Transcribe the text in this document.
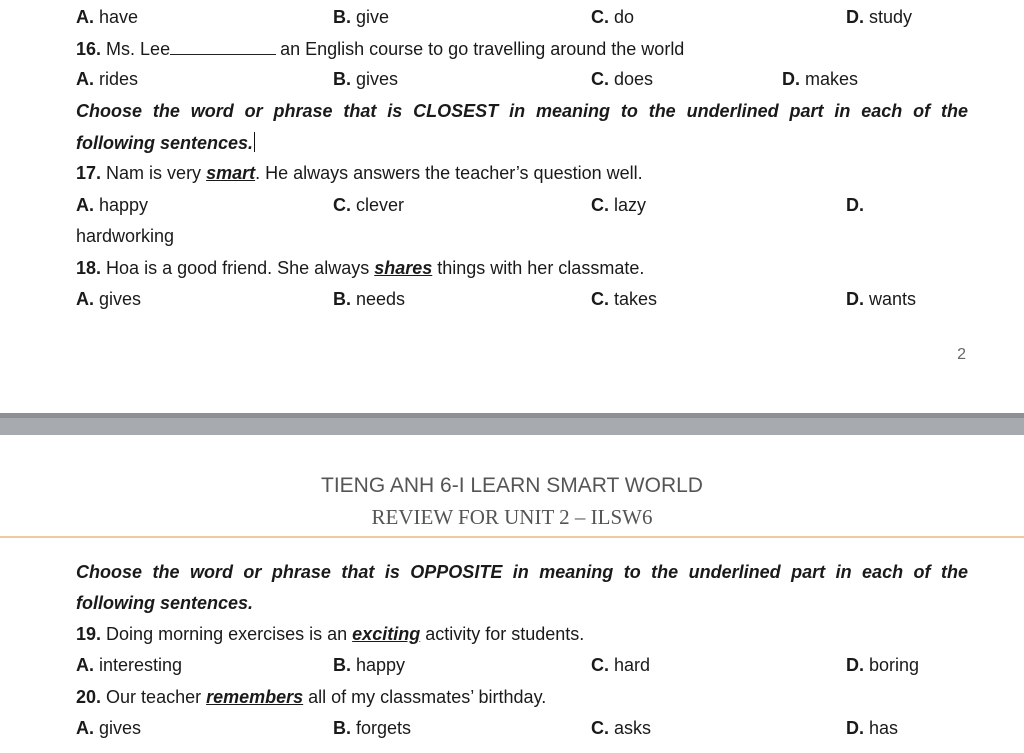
A. have	B. give	C. do	D. study
16. Ms. Lee	an English course to go travelling around the world
A. rides	B. gives	C. does	D. makes
Choose the word or phrase that is CLOSEST in meaning to the underlined part in each of the
following sentences.
17. Nam is very smart. He always answers the teacher’s question well.
A. happy	C. clever	C. lazy	D.
hardworking
18. Hoa is a good friend. She always shares things with her classmate.
A. gives	B. needs	C. takes	D. wants
2
TIENG ANH 6-I LEARN SMART WORLD
REVIEW FOR UNIT 2 – ILSW6
Choose the word or phrase that is OPPOSITE in meaning to the underlined part in each of the
following sentences.
19. Doing morning exercises is an exciting activity for students.
A. interesting	B. happy	C. hard	D. boring
20. Our teacher remembers all of my classmates’ birthday.
A. gives	B. forgets	C. asks	D. has
